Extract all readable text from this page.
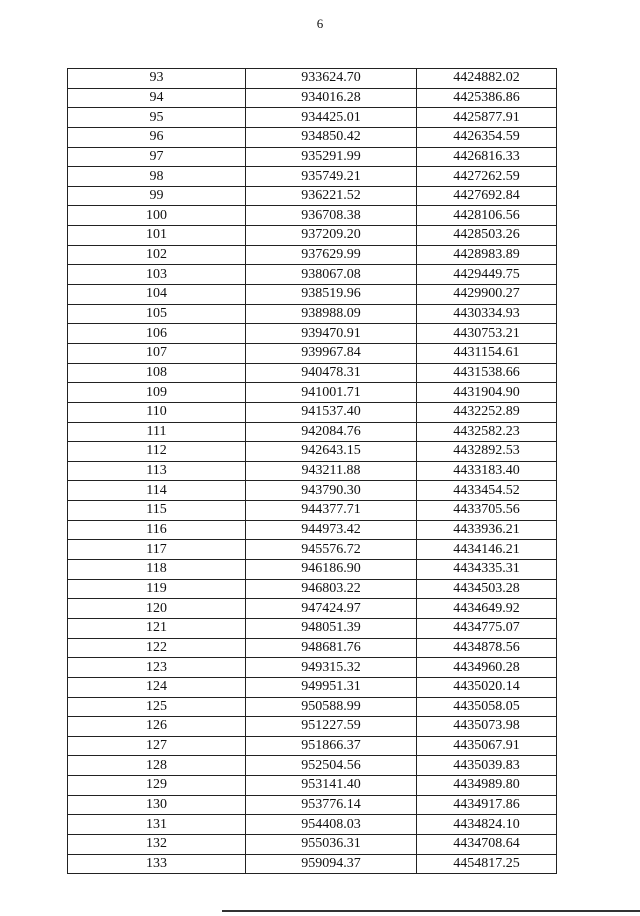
6
93	933624.70	4424882.02
94	934016.28	4425386.86
95	934425.01	4425877.91
96	934850.42	4426354.59
97	935291.99	4426816.33
98	935749.21	4427262.59
99	936221.52	4427692.84
100	936708.38	4428106.56
101	937209.20	4428503.26
102	937629.99	4428983.89
103	938067.08	4429449.75
104	938519.96	4429900.27
105	938988.09	4430334.93
106	939470.91	4430753.21
107	939967.84	4431154.61
108	940478.31	4431538.66
109	941001.71	4431904.90
110	941537.40	4432252.89
111	942084.76	4432582.23
112	942643.15	4432892.53
113	943211.88	4433183.40
114	943790.30	4433454.52
115	944377.71	4433705.56
116	944973.42	4433936.21
117	945576.72	4434146.21
118	946186.90	4434335.31
119	946803.22	4434503.28
120	947424.97	4434649.92
121	948051.39	4434775.07
122	948681.76	4434878.56
123	949315.32	4434960.28
124	949951.31	4435020.14
125	950588.99	4435058.05
126	951227.59	4435073.98
127	951866.37	4435067.91
128	952504.56	4435039.83
129	953141.40	4434989.80
130	953776.14	4434917.86
131	954408.03	4434824.10
132	955036.31	4434708.64
133	959094.37	4454817.25
